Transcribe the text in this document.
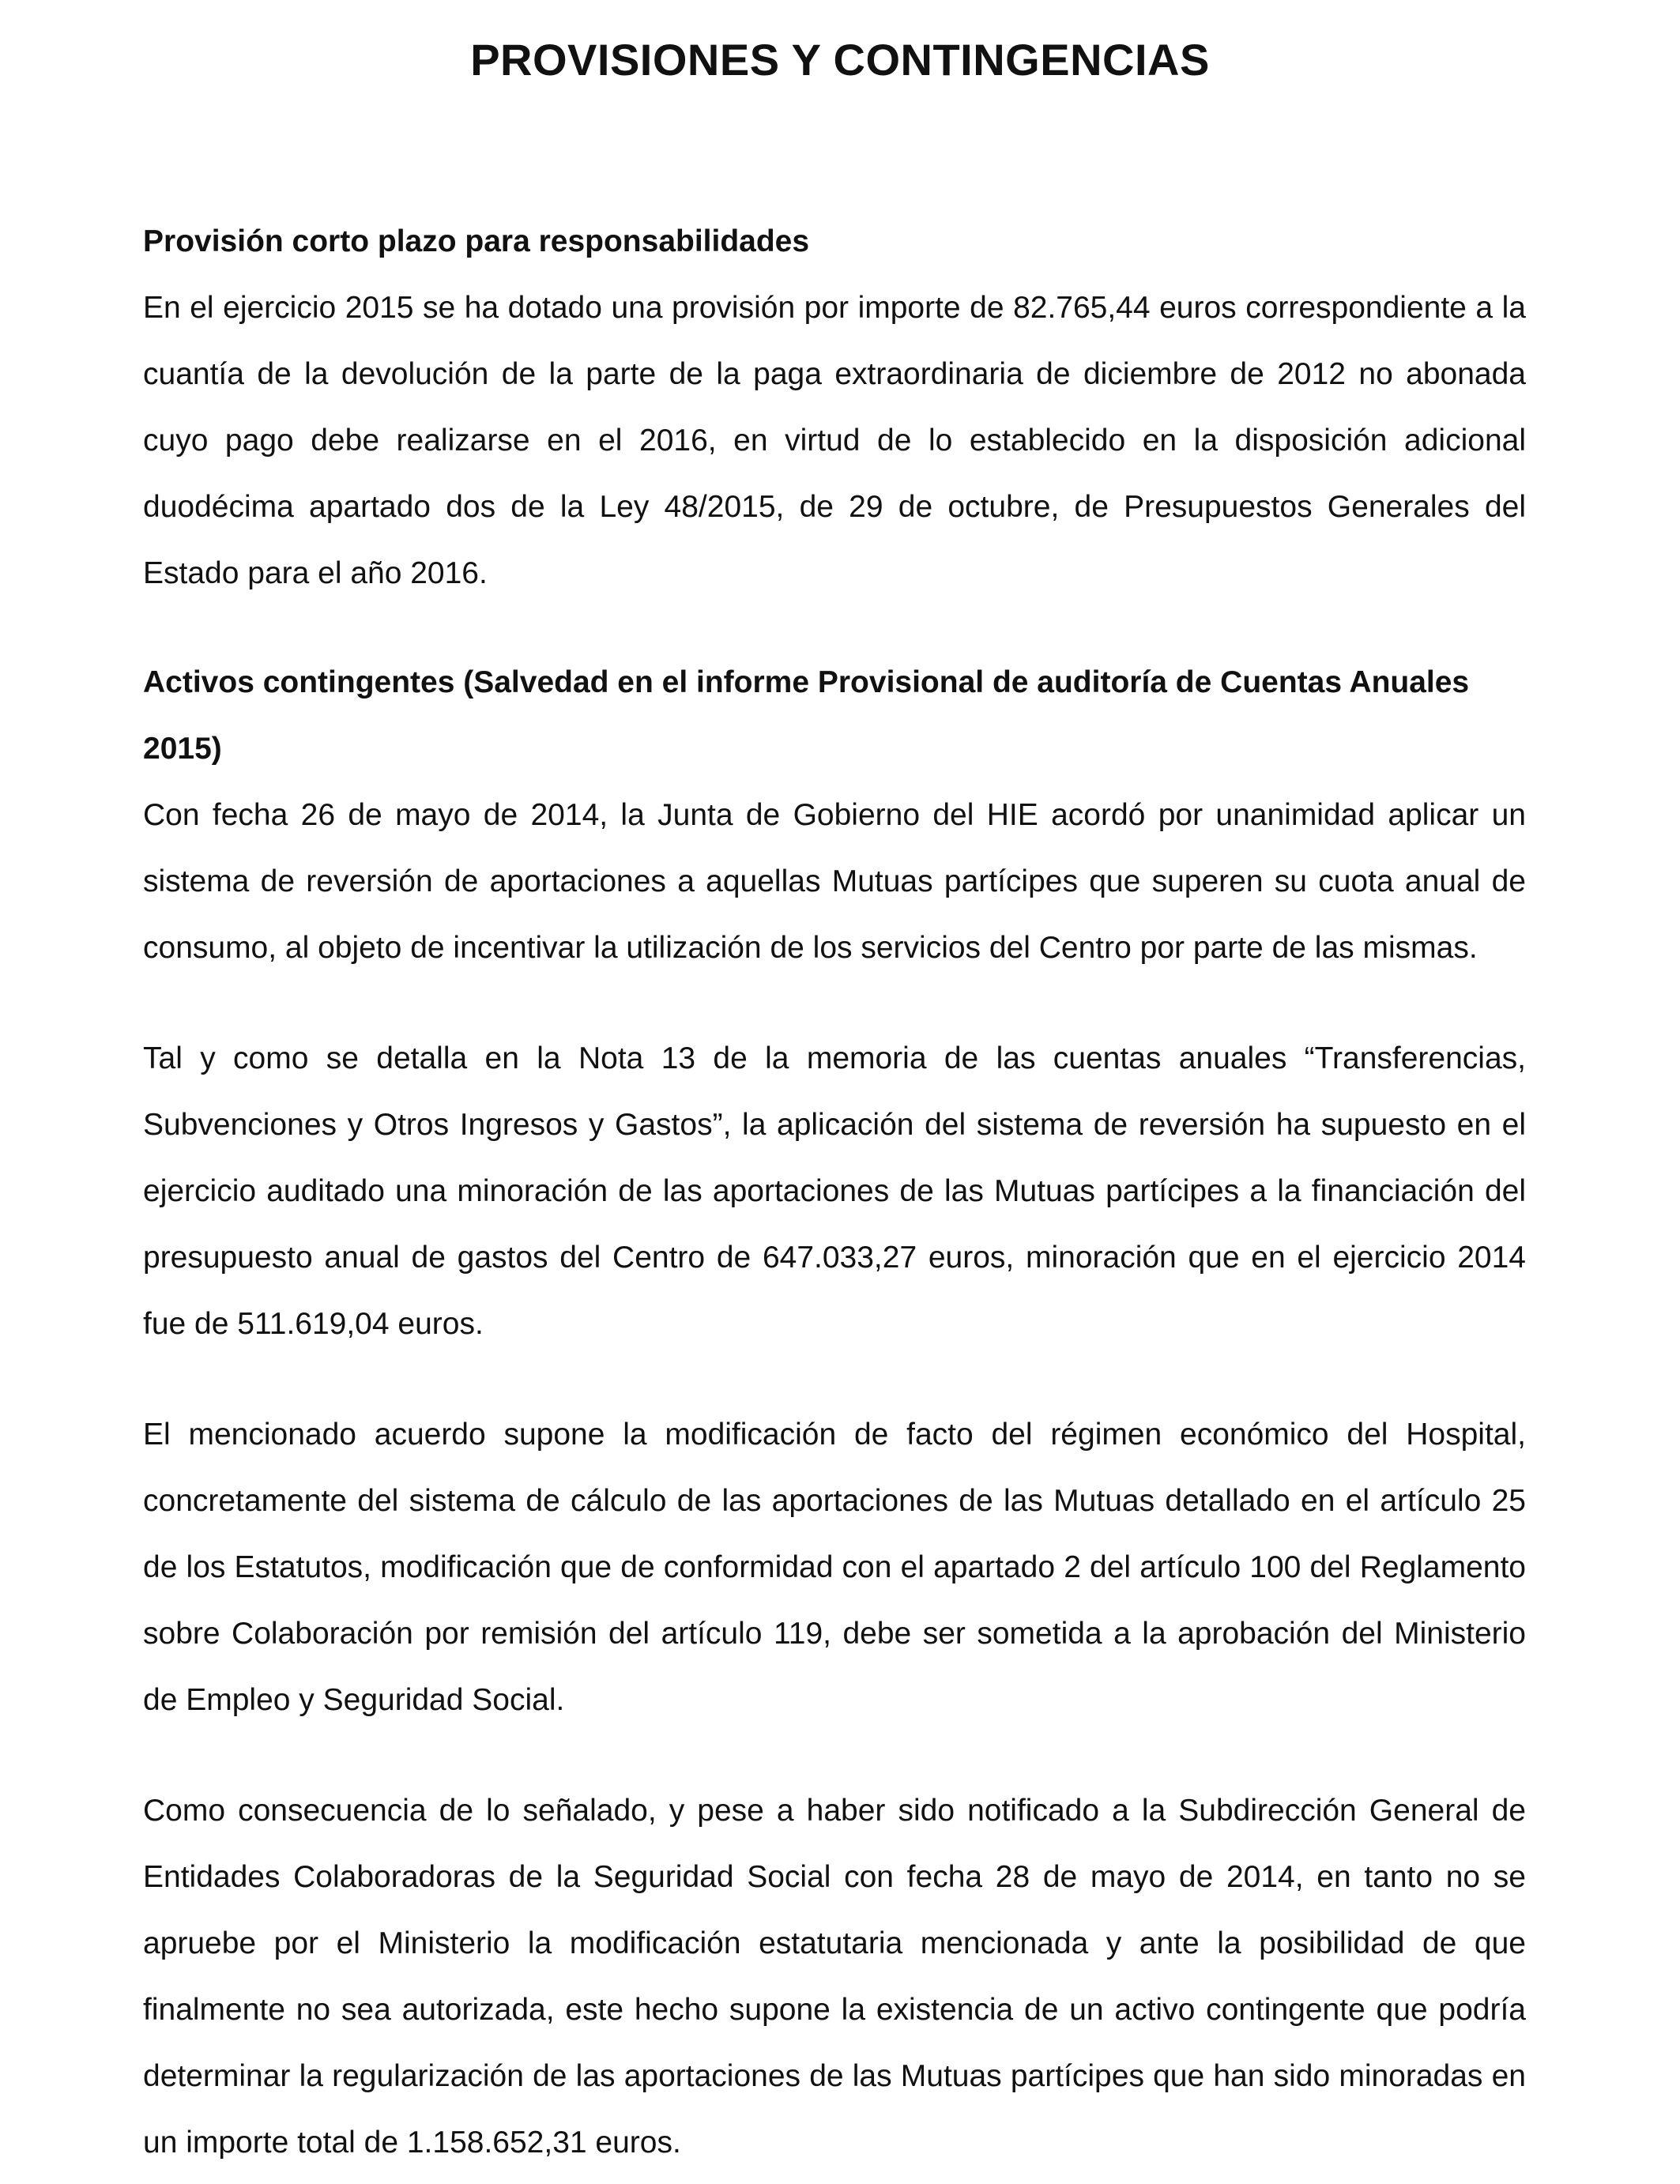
PROVISIONES Y CONTINGENCIAS
Provisión corto plazo para responsabilidades

En el ejercicio 2015 se ha dotado una provisión por importe de 82.765,44 euros correspondiente a la cuantía de la devolución de la parte de la paga extraordinaria de diciembre de 2012 no abonada cuyo pago debe realizarse en el 2016, en virtud de lo establecido en la disposición adicional duodécima apartado dos de la Ley 48/2015, de 29 de octubre, de Presupuestos Generales del Estado para el año 2016.

Activos contingentes (Salvedad en el informe Provisional de auditoría de Cuentas Anuales 2015)

Con fecha 26 de mayo de 2014, la Junta de Gobierno del HIE acordó por unanimidad aplicar un sistema de reversión de aportaciones a aquellas Mutuas partícipes que superen su cuota anual de consumo, al objeto de incentivar la utilización de los servicios del Centro por parte de las mismas.

Tal y como se detalla en la Nota 13 de la memoria de las cuentas anuales “Transferencias, Subvenciones y Otros Ingresos y Gastos”, la aplicación del sistema de reversión ha supuesto en el ejercicio auditado una minoración de las aportaciones de las Mutuas partícipes a la financiación del presupuesto anual de gastos del Centro de 647.033,27 euros, minoración que en el ejercicio 2014 fue de 511.619,04 euros.

El mencionado acuerdo supone la modificación de facto del régimen económico del Hospital, concretamente del sistema de cálculo de las aportaciones de las Mutuas detallado en el artículo 25 de los Estatutos, modificación que de conformidad con el apartado 2 del artículo 100 del Reglamento sobre Colaboración por remisión del artículo 119, debe ser sometida a la aprobación del Ministerio de Empleo y Seguridad Social.

Como consecuencia de lo señalado, y pese a haber sido notificado a la Subdirección General de Entidades Colaboradoras de la Seguridad Social con fecha 28 de mayo de 2014, en tanto no se apruebe por el Ministerio la modificación estatutaria mencionada y ante la posibilidad de que finalmente no sea autorizada, este hecho supone la existencia de un activo contingente que podría determinar la regularización de las aportaciones de las Mutuas partícipes que han sido minoradas en un importe total de 1.158.652,31 euros.
